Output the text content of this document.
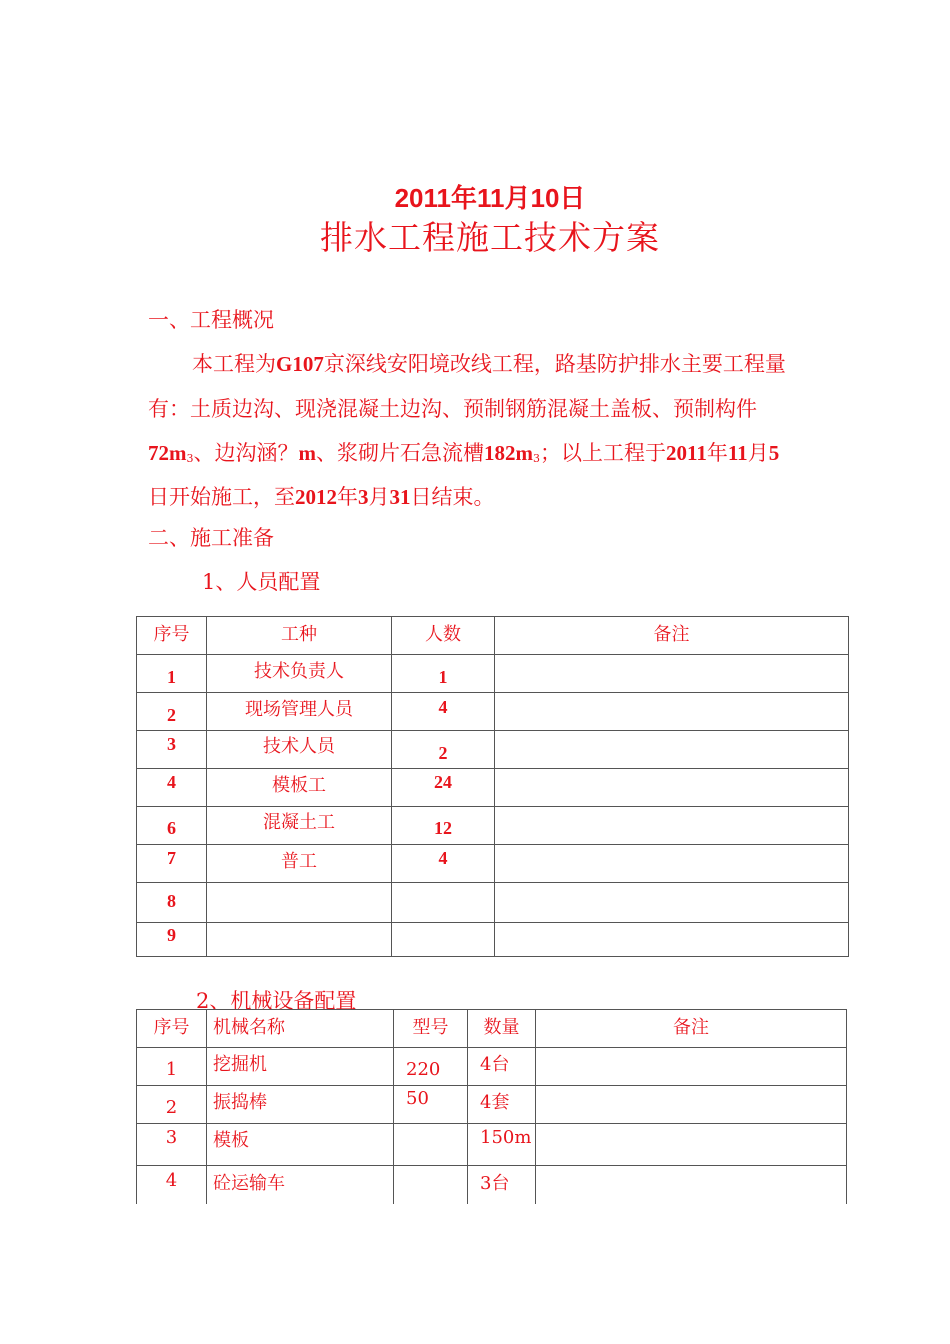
2011年11月10日
排水工程施工技术方案
一、工程概况
本工程为G107京深线安阳境改线工程，路基防护排水主要工程量
有：土质边沟、现浇混凝土边沟、预制钢筋混凝土盖板、预制构件
$72m_3$、边沟涵？m、浆砌片石急流槽$182m_3$；以上工程于2011年11月5
日开始施工，至2012年3月31日结束。
二、施工准备
1、人员配置
序号	工种	人数	备注

1	技术负责人	1	

2	现场管理人员	4	

3	技术人员	2	

4	模板工	24	

6	混凝土工	12	

7	普工	4	

8			

9			

2、机械设备配置
序号	机械名称	型号	数量	备注

1	挖掘机	220	4台	

2	振捣棒	50	4套	

3	模板		150m	

4	砼运输车		3台	
